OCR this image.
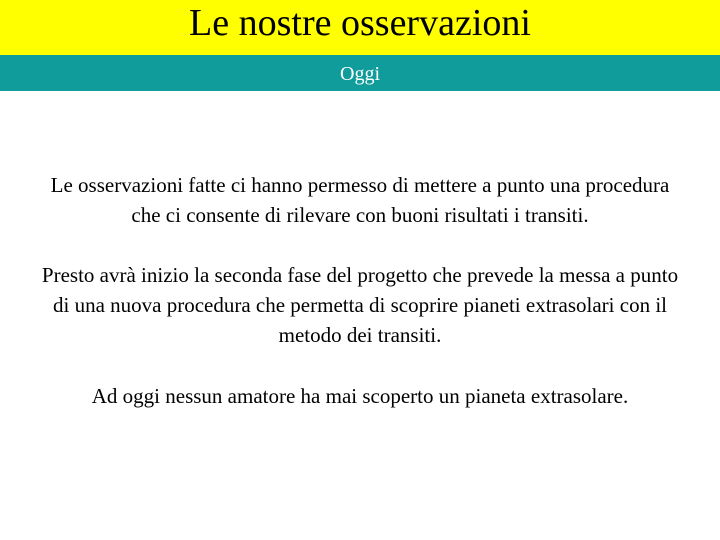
Le nostre osservazioni
Oggi

Le osservazioni fatte ci hanno permesso di mettere a punto una procedura che ci consente di rilevare con buoni risultati i transiti.

Presto avrà inizio la seconda fase del progetto che prevede la messa a punto di una nuova procedura che permetta di scoprire pianeti extrasolari con il metodo dei transiti.

Ad oggi nessun amatore ha mai scoperto un pianeta extrasolare.
